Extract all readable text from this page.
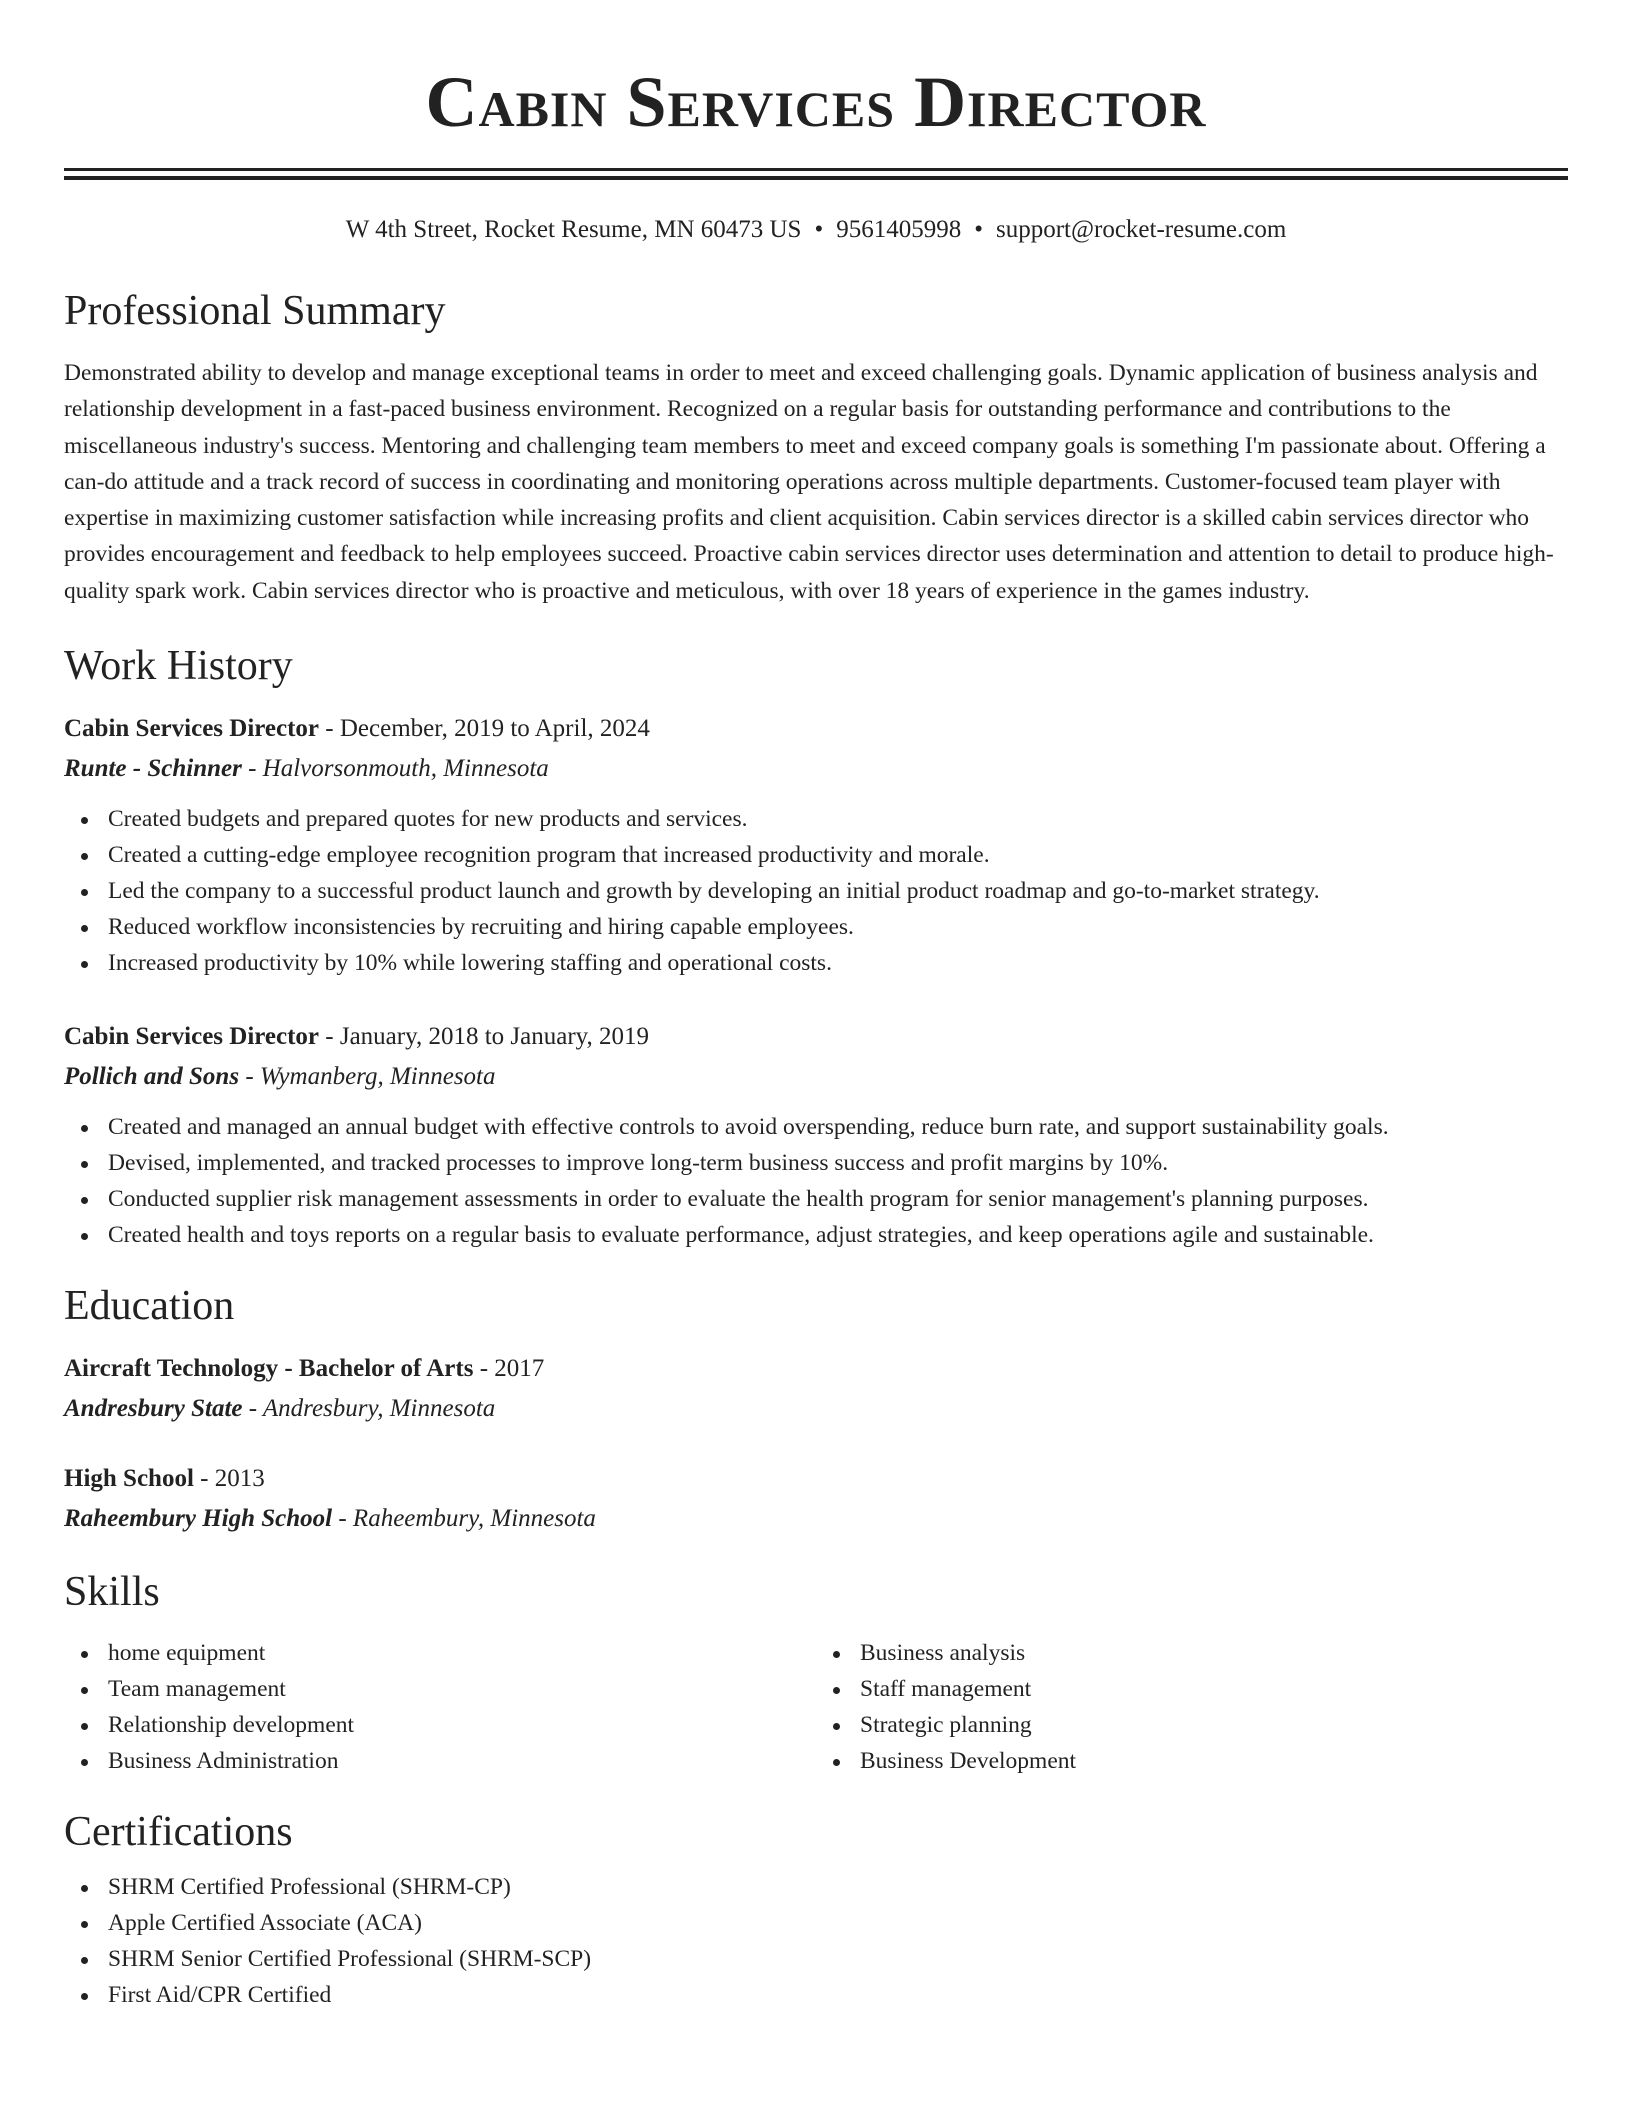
Cabin Services Director
W 4th Street, Rocket Resume, MN 60473 US • 9561405998 • support@rocket-resume.com
Professional Summary

Demonstrated ability to develop and manage exceptional teams in order to meet and exceed challenging goals. Dynamic application of business analysis and relationship development in a fast-paced business environment. Recognized on a regular basis for outstanding performance and contributions to the miscellaneous industry's success. Mentoring and challenging team members to meet and exceed company goals is something I'm passionate about. Offering a can-do attitude and a track record of success in coordinating and monitoring operations across multiple departments. Customer-focused team player with expertise in maximizing customer satisfaction while increasing profits and client acquisition. Cabin services director is a skilled cabin services director who provides encouragement and feedback to help employees succeed. Proactive cabin services director uses determination and attention to detail to produce high-quality spark work. Cabin services director who is proactive and meticulous, with over 18 years of experience in the games industry.

Work History
Cabin Services Director - December, 2019 to April, 2024
Runte - Schinner - Halvorsonmouth, Minnesota
Created budgets and prepared quotes for new products and services.
Created a cutting-edge employee recognition program that increased productivity and morale.
Led the company to a successful product launch and growth by developing an initial product roadmap and go-to-market strategy.
Reduced workflow inconsistencies by recruiting and hiring capable employees.
Increased productivity by 10% while lowering staffing and operational costs.
Cabin Services Director - January, 2018 to January, 2019
Pollich and Sons - Wymanberg, Minnesota
Created and managed an annual budget with effective controls to avoid overspending, reduce burn rate, and support sustainability goals.
Devised, implemented, and tracked processes to improve long-term business success and profit margins by 10%.
Conducted supplier risk management assessments in order to evaluate the health program for senior management's planning purposes.
Created health and toys reports on a regular basis to evaluate performance, adjust strategies, and keep operations agile and sustainable.
Education
Aircraft Technology - Bachelor of Arts - 2017
Andresbury State - Andresbury, Minnesota
High School - 2013
Raheembury High School - Raheembury, Minnesota
Skills
home equipment
Team management
Relationship development
Business Administration
Business analysis
Staff management
Strategic planning
Business Development
Certifications
SHRM Certified Professional (SHRM-CP)
Apple Certified Associate (ACA)
SHRM Senior Certified Professional (SHRM-SCP)
First Aid/CPR Certified
